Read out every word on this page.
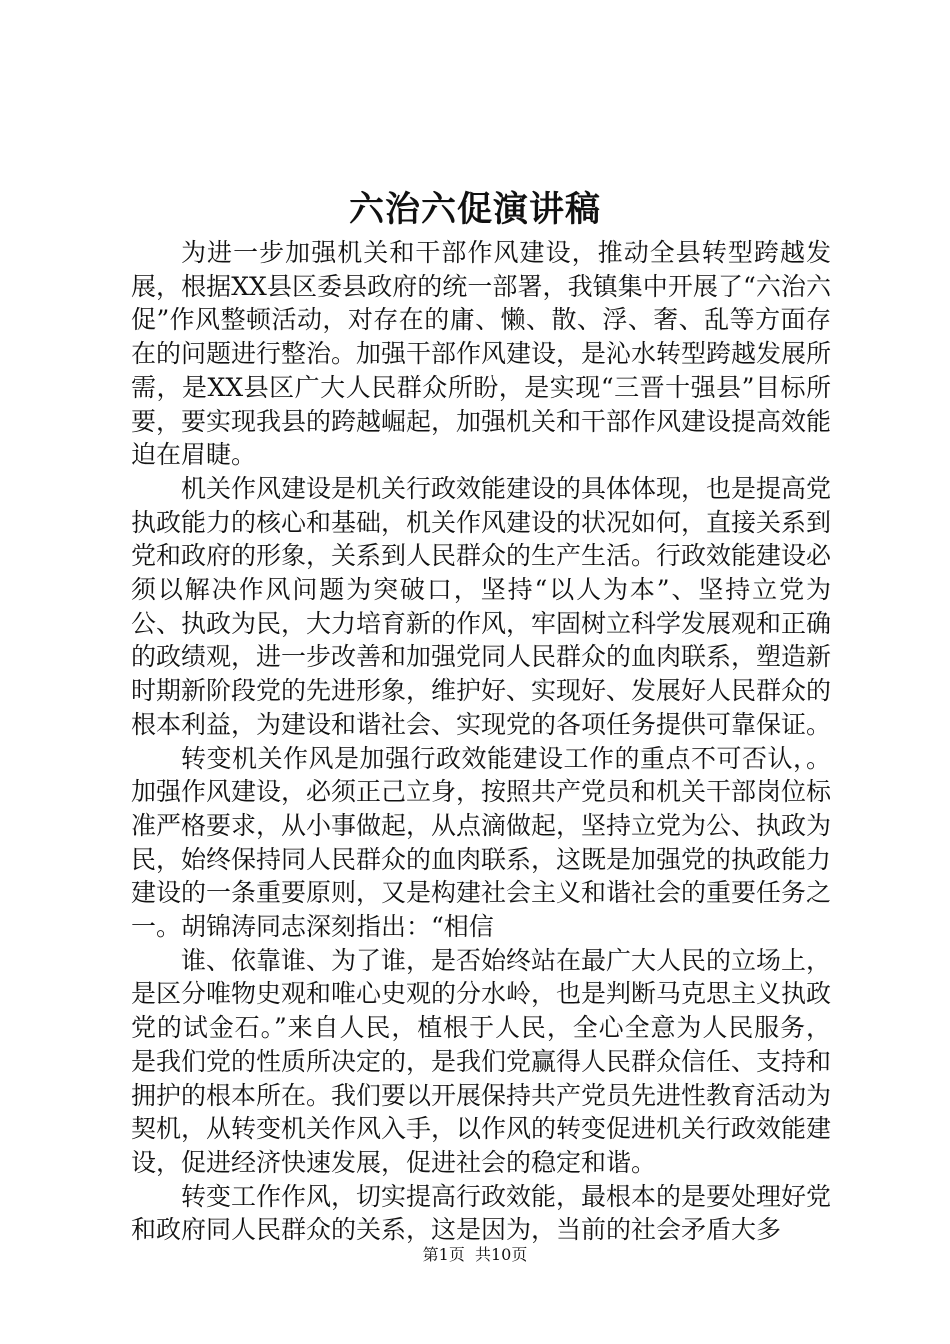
六治六促演讲稿

为进一步加强机关和干部作风建设，推动全县转型跨越发展，根据XX县区委县政府的统一部署，我镇集中开展了“六治六促”作风整顿活动，对存在的庸、懒、散、浮、奢、乱等方面存在的问题进行整治。加强干部作风建设，是沁水转型跨越发展所需，是XX县区广大人民群众所盼，是实现“三晋十强县”目标所要，要实现我县的跨越崛起，加强机关和干部作风建设提高效能迫在眉睫。

机关作风建设是机关行政效能建设的具体体现，也是提高党执政能力的核心和基础，机关作风建设的状况如何，直接关系到党和政府的形象，关系到人民群众的生产生活。行政效能建设必须以解决作风问题为突破口，坚持“以人为本”、坚持立党为公、执政为民，大力培育新的作风，牢固树立科学发展观和正确的政绩观，进一步改善和加强党同人民群众的血肉联系，塑造新时期新阶段党的先进形象，维护好、实现好、发展好人民群众的根本利益，为建设和谐社会、实现党的各项任务提供可靠保证。

转变机关作风是加强行政效能建设工作的重点不可否认，。加强作风建设，必须正己立身，按照共产党员和机关干部岗位标准严格要求，从小事做起，从点滴做起，坚持立党为公、执政为民，始终保持同人民群众的血肉联系，这既是加强党的执政能力建设的一条重要原则，又是构建社会主义和谐社会的重要任务之一。胡锦涛同志深刻指出：“相信

谁、依靠谁、为了谁，是否始终站在最广大人民的立场上，是区分唯物史观和唯心史观的分水岭，也是判断马克思主义执政党的试金石。”来自人民，植根于人民，全心全意为人民服务，是我们党的性质所决定的，是我们党赢得人民群众信任、支持和拥护的根本所在。我们要以开展保持共产党员先进性教育活动为契机，从转变机关作风入手，以作风的转变促进机关行政效能建设，促进经济快速发展，促进社会的稳定和谐。

转变工作作风，切实提高行政效能，最根本的是要处理好党和政府同人民群众的关系，这是因为，当前的社会矛盾大多

第1页  共10页
